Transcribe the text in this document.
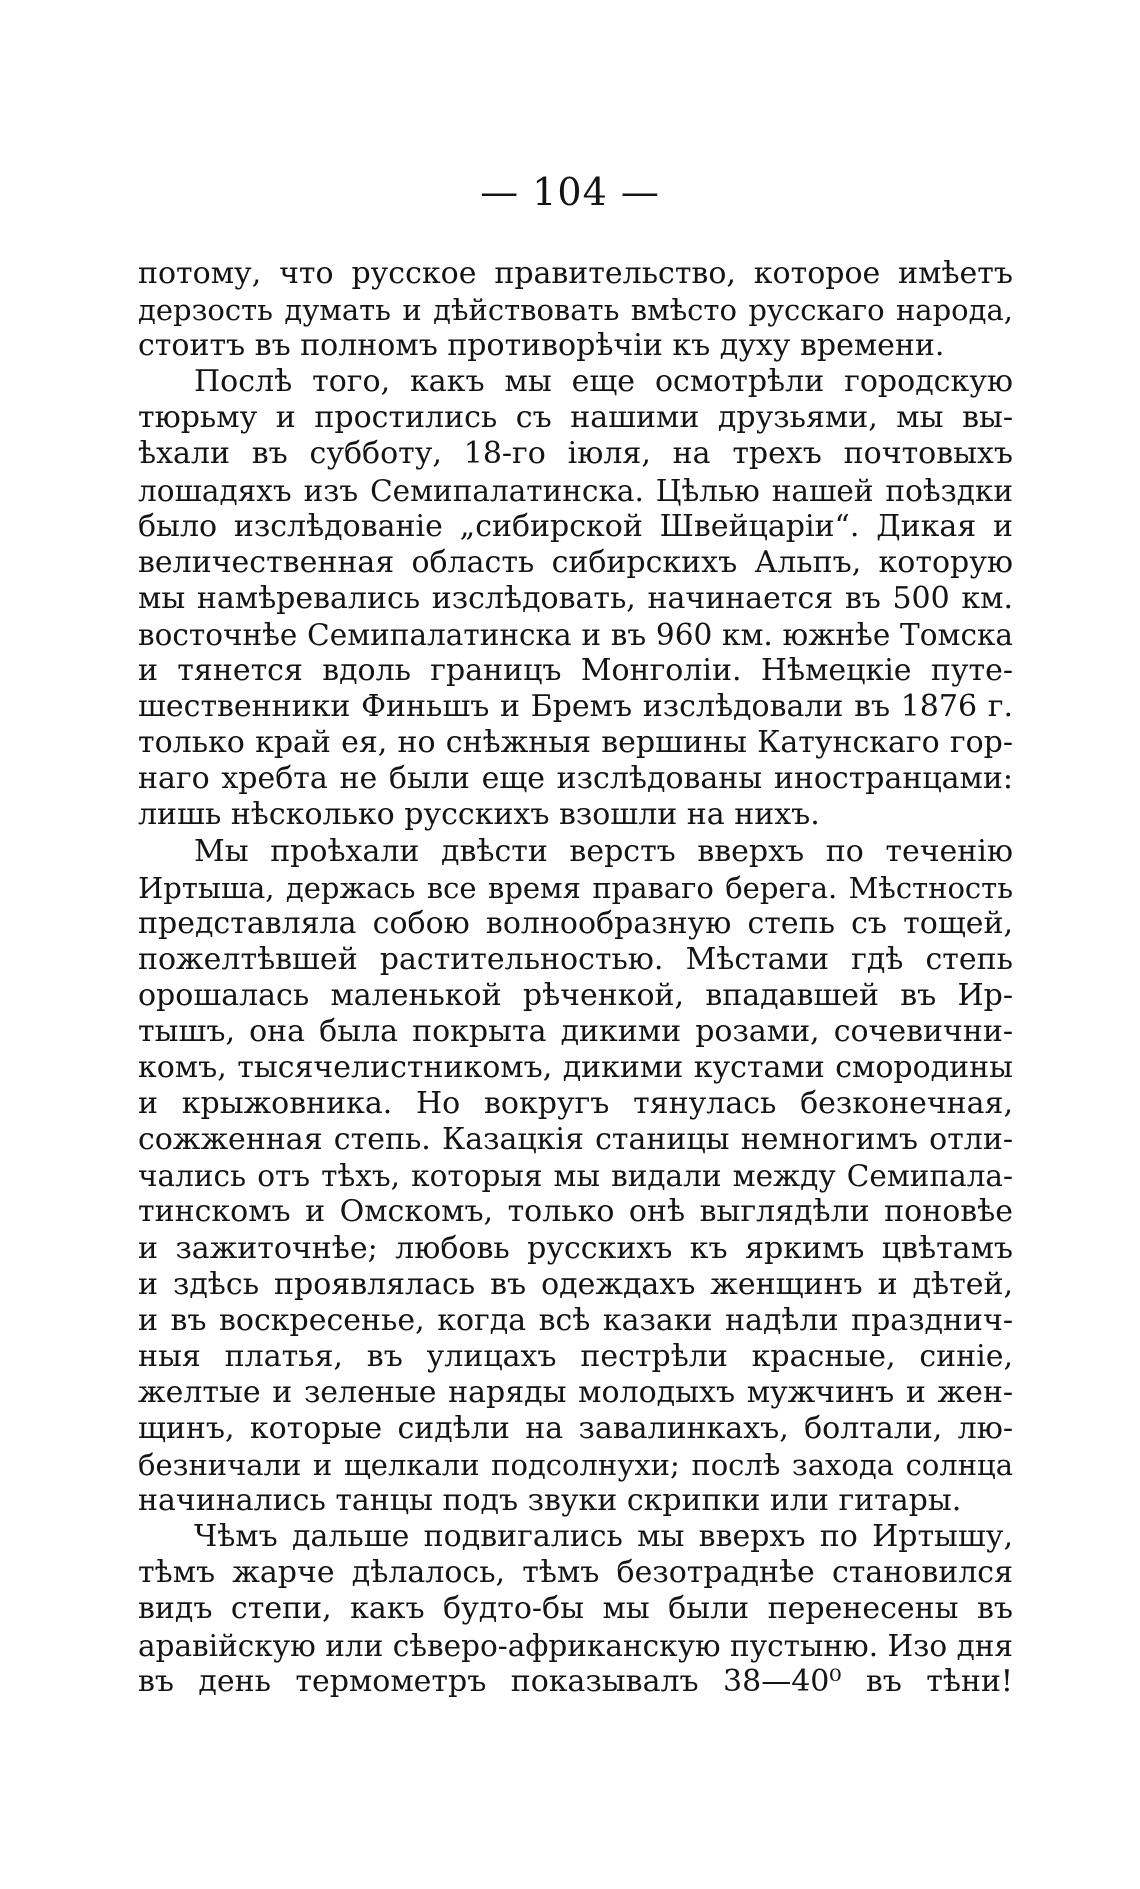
— 104 —

потому, что русское правительство, которое имѣетъ
дерзость думать и дѣйствовать вмѣсто русскаго народа,
стоитъ въ полномъ противорѣчіи къ духу времени.

Послѣ того, какъ мы еще осмотрѣли городскую
тюрьму и простились съ нашими друзьями, мы вы-
ѣхали въ субботу, 18-го іюля, на трехъ почтовыхъ
лошадяхъ изъ Семипалатинска. Цѣлью нашей поѣздки
было изслѣдованіе „сибирской Швейцаріи“. Дикая и
величественная область сибирскихъ Альпъ, которую
мы намѣревались изслѣдовать, начинается въ 500 км.
восточнѣе Семипалатинска и въ 960 км. южнѣе Томска
и тянется вдоль границъ Монголіи. Нѣмецкіе путе-
шественники Финьшъ и Бремъ изслѣдовали въ 1876 г.
только край ея, но снѣжныя вершины Катунскаго гор-
наго хребта не были еще изслѣдованы иностранцами:
лишь нѣсколько русскихъ взошли на нихъ.

Мы проѣхали двѣсти верстъ вверхъ по теченію
Иртыша, держась все время праваго берега. Мѣстность
представляла собою волнообразную степь съ тощей,
пожелтѣвшей растительностью. Мѣстами гдѣ степь
орошалась маленькой рѣченкой, впадавшей въ Ир-
тышъ, она была покрыта дикими розами, сочевични-
комъ, тысячелистникомъ, дикими кустами смородины
и крыжовника. Но вокругъ тянулась безконечная,
сожженная степь. Казацкія станицы немногимъ отли-
чались отъ тѣхъ, которыя мы видали между Семипала-
тинскомъ и Омскомъ, только онѣ выглядѣли поновѣе
и зажиточнѣе; любовь русскихъ къ яркимъ цвѣтамъ
и здѣсь проявлялась въ одеждахъ женщинъ и дѣтей,
и въ воскресенье, когда всѣ казаки надѣли празднич-
ныя платья, въ улицахъ пестрѣли красные, синіе,
желтые и зеленые наряды молодыхъ мужчинъ и жен-
щинъ, которые сидѣли на завалинкахъ, болтали, лю-
безничали и щелкали подсолнухи; послѣ захода солнца
начинались танцы подъ звуки скрипки или гитары.

Чѣмъ дальше подвигались мы вверхъ по Иртышу,
тѣмъ жарче дѣлалось, тѣмъ безотраднѣе становился
видъ степи, какъ будто-бы мы были перенесены въ
аравійскую или сѣверо-африканскую пустыню. Изо дня
въ день термометръ показывалъ 38—40⁰ въ тѣни!
